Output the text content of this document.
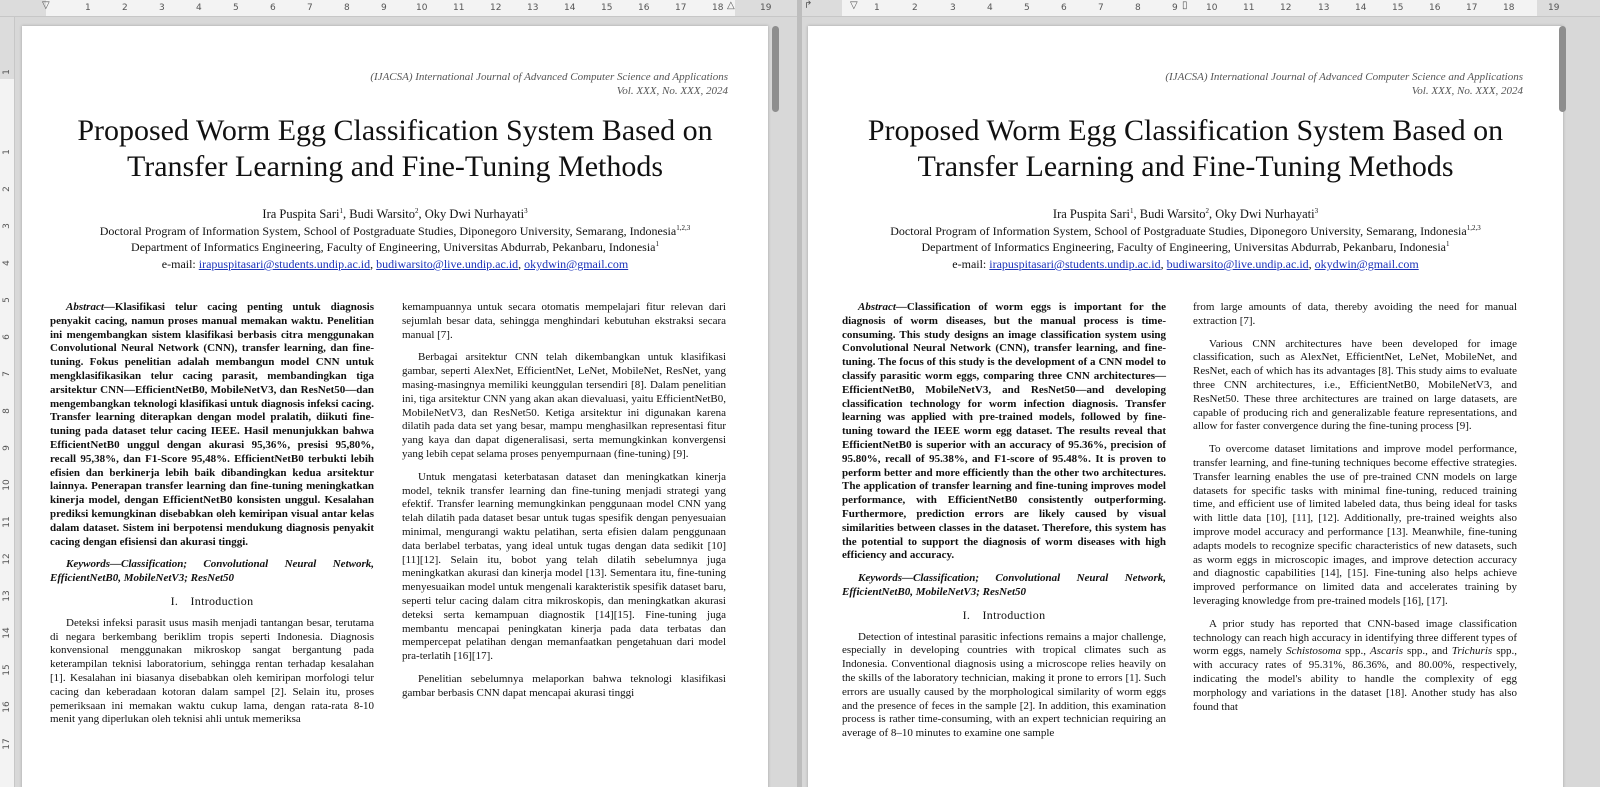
▽	△
1	2	3	4	5	6	7	8	9	10	11	12	13	14	15	16	17	18	19
1
1
2
3
4
5
6
7
8
9
10
11
12
13
14
15
16
17
(IJACSA) International Journal of Advanced Computer Science and Applications
Vol. XXX, No. XXX, 2024
Proposed Worm Egg Classification System Based on
Transfer Learning and Fine-Tuning Methods
Ira Puspita Sari$^1$, Budi Warsito$^2$, Oky Dwi Nurhayati$^3$
Doctoral Program of Information System, School of Postgraduate Studies, Diponegoro University, Semarang, Indonesia$^{1,2,3}$
Department of Informatics Engineering, Faculty of Engineering, Universitas Abdurrab, Pekanbaru, Indonesia$^1$
e-mail: irapuspitasari@students.undip.ac.id, budiwarsito@live.undip.ac.id, okydwin@gmail.com

Abstract—Klasifikasi telur cacing penting untuk diagnosis penyakit cacing, namun proses manual memakan waktu. Penelitian ini mengembangkan sistem klasifikasi berbasis citra menggunakan Convolutional Neural Network (CNN), transfer learning, dan fine-tuning. Fokus penelitian adalah membangun model CNN untuk mengklasifikasikan telur cacing parasit, membandingkan tiga arsitektur CNN—EfficientNetB0, MobileNetV3, dan ResNet50—dan mengembangkan teknologi klasifikasi untuk diagnosis infeksi cacing. Transfer learning diterapkan dengan model pralatih, diikuti fine-tuning pada dataset telur cacing IEEE. Hasil menunjukkan bahwa EfficientNetB0 unggul dengan akurasi 95,36%, presisi 95,80%, recall 95,38%, dan F1-Score 95,48%. EfficientNetB0 terbukti lebih efisien dan berkinerja lebih baik dibandingkan kedua arsitektur lainnya. Penerapan transfer learning dan fine-tuning meningkatkan kinerja model, dengan EfficientNetB0 konsisten unggul. Kesalahan prediksi kemungkinan disebabkan oleh kemiripan visual antar kelas dalam dataset. Sistem ini berpotensi mendukung diagnosis penyakit cacing dengan efisiensi dan akurasi tinggi.

Keywords—Classification; Convolutional Neural Network, EfficientNetB0, MobileNetV3; ResNet50

I. Introduction

Deteksi infeksi parasit usus masih menjadi tantangan besar, terutama di negara berkembang beriklim tropis seperti Indonesia. Diagnosis konvensional menggunakan mikroskop sangat bergantung pada keterampilan teknisi laboratorium, sehingga rentan terhadap kesalahan [1]. Kesalahan ini biasanya disebabkan oleh kemiripan morfologi telur cacing dan keberadaan kotoran dalam sampel [2]. Selain itu, proses pemeriksaan ini memakan waktu cukup lama, dengan rata-rata 8-10 menit yang diperlukan oleh teknisi ahli untuk memeriksa

kemampuannya untuk secara otomatis mempelajari fitur relevan dari sejumlah besar data, sehingga menghindari kebutuhan ekstraksi secara manual [7].

Berbagai arsitektur CNN telah dikembangkan untuk klasifikasi gambar, seperti AlexNet, EfficientNet, LeNet, MobileNet, ResNet, yang masing-masingnya memiliki keunggulan tersendiri [8]. Dalam penelitian ini, tiga arsitektur CNN yang akan akan dievaluasi, yaitu EfficientNetB0, MobileNetV3, dan ResNet50. Ketiga arsitektur ini digunakan karena dilatih pada data set yang besar, mampu menghasilkan representasi fitur yang kaya dan dapat digeneralisasi, serta memungkinkan konvergensi yang lebih cepat selama proses penyempurnaan (fine-tuning) [9].

Untuk mengatasi keterbatasan dataset dan meningkatkan kinerja model, teknik transfer learning dan fine-tuning menjadi strategi yang efektif. Transfer learning memungkinkan penggunaan model CNN yang telah dilatih pada dataset besar untuk tugas spesifik dengan penyesuaian minimal, mengurangi waktu pelatihan, serta efisien dalam penggunaan data berlabel terbatas, yang ideal untuk tugas dengan data sedikit [10][11][12]. Selain itu, bobot yang telah dilatih sebelumnya juga meningkatkan akurasi dan kinerja model [13]. Sementara itu, fine-tuning menyesuaikan model untuk mengenali karakteristik spesifik dataset baru, seperti telur cacing dalam citra mikroskopis, dan meningkatkan akurasi deteksi serta kemampuan diagnostik [14][15]. Fine-tuning juga membantu mencapai peningkatan kinerja pada data terbatas dan mempercepat pelatihan dengan memanfaatkan pengetahuan dari model pra-terlatih [16][17].

Penelitian sebelumnya melaporkan bahwa teknologi klasifikasi gambar berbasis CNN dapat mencapai akurasi tinggi

↱	▽	▯
1	2	3	4	5	6	7	8	9	10	11	12	13	14	15	16	17	18	19
(IJACSA) International Journal of Advanced Computer Science and Applications
Vol. XXX, No. XXX, 2024
Proposed Worm Egg Classification System Based on
Transfer Learning and Fine-Tuning Methods
Ira Puspita Sari$^1$, Budi Warsito$^2$, Oky Dwi Nurhayati$^3$
Doctoral Program of Information System, School of Postgraduate Studies, Diponegoro University, Semarang, Indonesia$^{1,2,3}$
Department of Informatics Engineering, Faculty of Engineering, Universitas Abdurrab, Pekanbaru, Indonesia$^1$
e-mail: irapuspitasari@students.undip.ac.id, budiwarsito@live.undip.ac.id, okydwin@gmail.com

Abstract—Classification of worm eggs is important for the diagnosis of worm diseases, but the manual process is time-consuming. This study designs an image classification system using Convolutional Neural Network (CNN), transfer learning, and fine-tuning. The focus of this study is the development of a CNN model to classify parasitic worm eggs, comparing three CNN architectures—EfficientNetB0, MobileNetV3, and ResNet50—and developing classification technology for worm infection diagnosis. Transfer learning was applied with pre-trained models, followed by fine-tuning toward the IEEE worm egg dataset. The results reveal that EfficientNetB0 is superior with an accuracy of 95.36%, precision of 95.80%, recall of 95.38%, and F1-score of 95.48%. It is proven to perform better and more efficiently than the other two architectures. The application of transfer learning and fine-tuning improves model performance, with EfficientNetB0 consistently outperforming. Furthermore, prediction errors are likely caused by visual similarities between classes in the dataset. Therefore, this system has the potential to support the diagnosis of worm diseases with high efficiency and accuracy.

Keywords—Classification; Convolutional Neural Network, EfficientNetB0, MobileNetV3; ResNet50

I. Introduction

Detection of intestinal parasitic infections remains a major challenge, especially in developing countries with tropical climates such as Indonesia. Conventional diagnosis using a microscope relies heavily on the skills of the laboratory technician, making it prone to errors [1]. Such errors are usually caused by the morphological similarity of worm eggs and the presence of feces in the sample [2]. In addition, this examination process is rather time-consuming, with an expert technician requiring an average of 8–10 minutes to examine one sample

from large amounts of data, thereby avoiding the need for manual extraction [7].

Various CNN architectures have been developed for image classification, such as AlexNet, EfficientNet, LeNet, MobileNet, and ResNet, each of which has its advantages [8]. This study aims to evaluate three CNN architectures, i.e., EfficientNetB0, MobileNetV3, and ResNet50. These three architectures are trained on large datasets, are capable of producing rich and generalizable feature representations, and allow for faster convergence during the fine-tuning process [9].

To overcome dataset limitations and improve model performance, transfer learning, and fine-tuning techniques become effective strategies. Transfer learning enables the use of pre-trained CNN models on large datasets for specific tasks with minimal fine-tuning, reduced training time, and efficient use of limited labeled data, thus being ideal for tasks with little data [10], [11], [12]. Additionally, pre-trained weights also improve model accuracy and performance [13]. Meanwhile, fine-tuning adapts models to recognize specific characteristics of new datasets, such as worm eggs in microscopic images, and improve detection accuracy and diagnostic capabilities [14], [15]. Fine-tuning also helps achieve improved performance on limited data and accelerates training by leveraging knowledge from pre-trained models [16], [17].

A prior study has reported that CNN-based image classification technology can reach high accuracy in identifying three different types of worm eggs, namely Schistosoma spp., Ascaris spp., and Trichuris spp., with accuracy rates of 95.31%, 86.36%, and 80.00%, respectively, indicating the model's ability to handle the complexity of egg morphology and variations in the dataset [18]. Another study has also found that
